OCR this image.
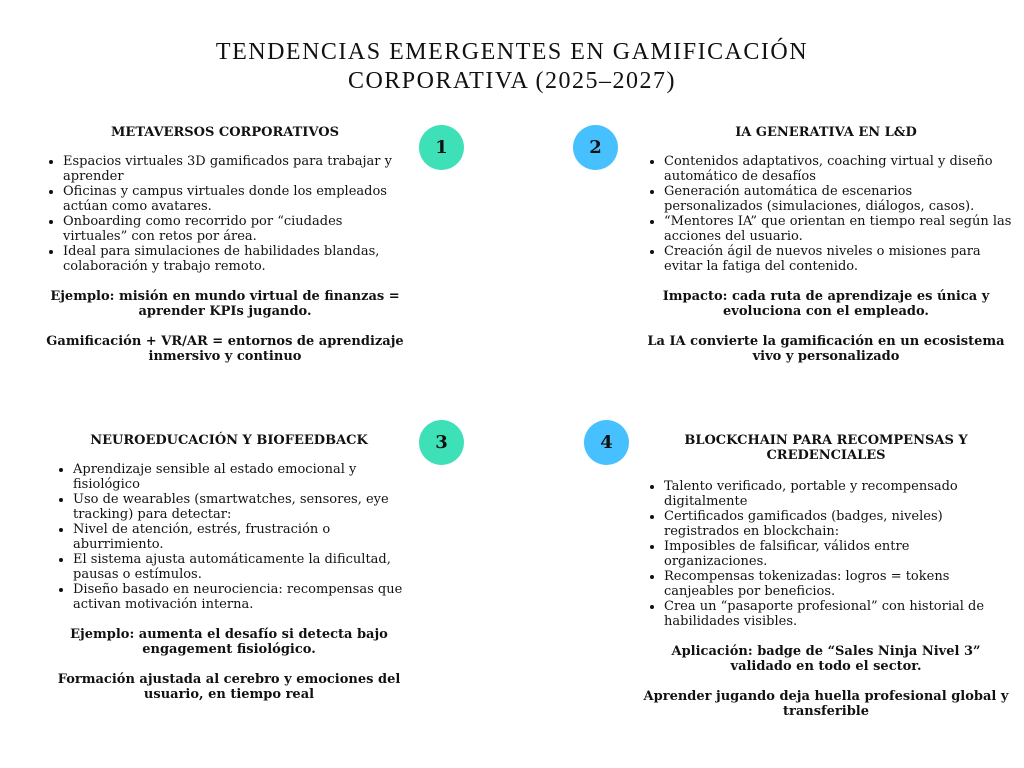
TENDENCIAS EMERGENTES EN GAMIFICACIÓN
CORPORATIVA (2025–2027)
1	2
3	4
METAVERSOS CORPORATIVOS
• Espacios virtuales 3D gamificados para trabajar y aprender
• Oficinas y campus virtuales donde los empleados actúan como avatares.
• Onboarding como recorrido por “ciudades virtuales” con retos por área.
• Ideal para simulaciones de habilidades blandas, colaboración y trabajo remoto.

Ejemplo: misión en mundo virtual de finanzas = aprender KPIs jugando.

Gamificación + VR/AR = entornos de aprendizaje inmersivo y continuo

IA GENERATIVA EN L&D
• Contenidos adaptativos, coaching virtual y diseño automático de desafíos
• Generación automática de escenarios personalizados (simulaciones, diálogos, casos).
• “Mentores IA” que orientan en tiempo real según las acciones del usuario.
• Creación ágil de nuevos niveles o misiones para evitar la fatiga del contenido.

Impacto: cada ruta de aprendizaje es única y evoluciona con el empleado.

La IA convierte la gamificación en un ecosistema vivo y personalizado

NEUROEDUCACIÓN Y BIOFEEDBACK
• Aprendizaje sensible al estado emocional y fisiológico
• Uso de wearables (smartwatches, sensores, eye tracking) para detectar:
• Nivel de atención, estrés, frustración o aburrimiento.
• El sistema ajusta automáticamente la dificultad, pausas o estímulos.
• Diseño basado en neurociencia: recompensas que activan motivación interna.

Ejemplo: aumenta el desafío si detecta bajo engagement fisiológico.

Formación ajustada al cerebro y emociones del usuario, en tiempo real

BLOCKCHAIN PARA RECOMPENSAS Y CREDENCIALES
• Talento verificado, portable y recompensado digitalmente
• Certificados gamificados (badges, niveles) registrados en blockchain:
• Imposibles de falsificar, válidos entre organizaciones.
• Recompensas tokenizadas: logros = tokens canjeables por beneficios.
• Crea un “pasaporte profesional” con historial de habilidades visibles.

Aplicación: badge de “Sales Ninja Nivel 3” validado en todo el sector.

Aprender jugando deja huella profesional global y transferible
